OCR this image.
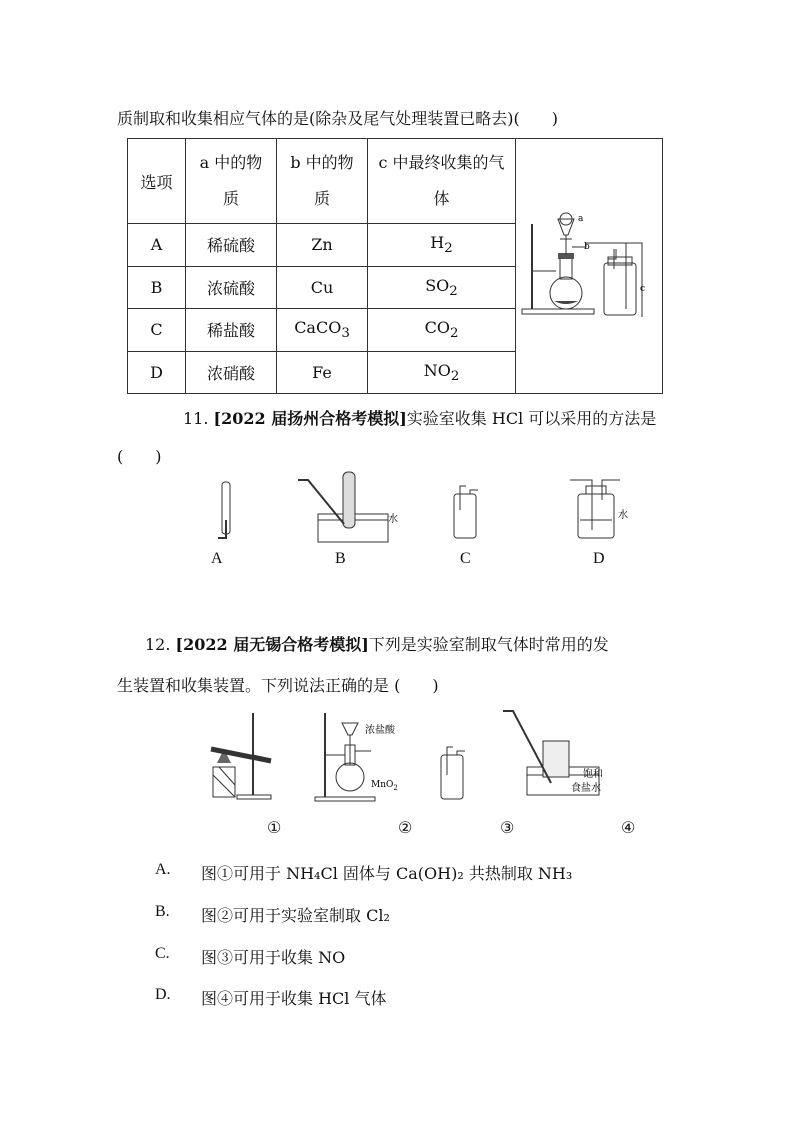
质制取和收集相应气体的是(除杂及尾气处理装置已略去)(　　)
选项	a 中的物质	b 中的物质	c 中最终收集的气体	a
b
c

A	稀硫酸	Zn	$H_2$
B	浓硫酸	Cu	$SO_2$
C	稀盐酸	CaCO$_3$	$CO_2$
D	浓硝酸	Fe	$NO_2$
11. [2022 届扬州合格考模拟]实验室收集 HCl 可以采用的方法是
(　　)
水	水
A	B	C	D
12. [2022 届无锡合格考模拟]下列是实验室制取气体时常用的发
生装置和收集装置。下列说法正确的是 (　　)
浓盐酸
MnO$_2$
饱和
食盐水
①	②	③	④
A. 图①可用于 NH₄Cl 固体与 Ca(OH)₂ 共热制取 NH₃
B. 图②可用于实验室制取 Cl₂
C. 图③可用于收集 NO
D. 图④可用于收集 HCl 气体
